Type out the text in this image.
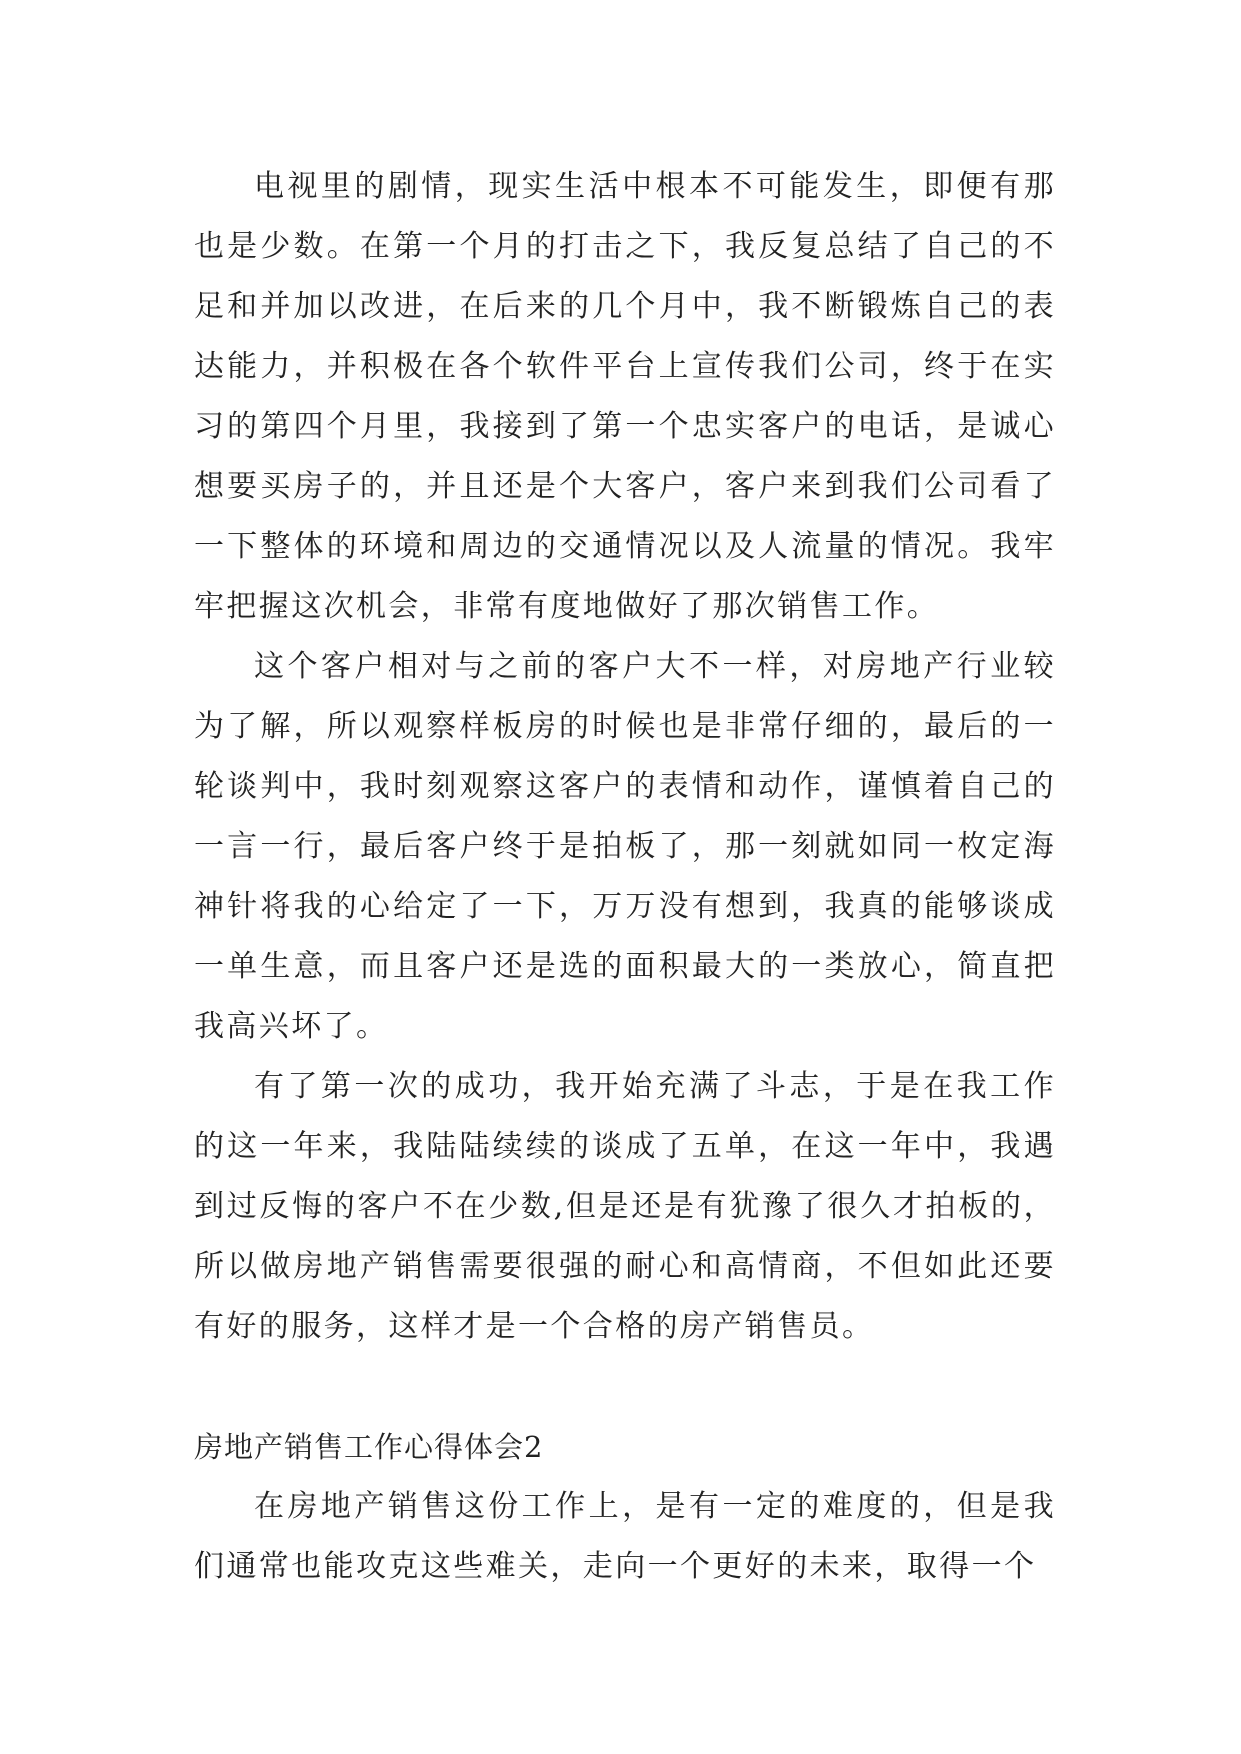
电视里的剧情，现实生活中根本不可能发生，即便有那也是少数。在第一个月的打击之下，我反复总结了自己的不足和并加以改进，在后来的几个月中，我不断锻炼自己的表达能力，并积极在各个软件平台上宣传我们公司，终于在实习的第四个月里，我接到了第一个忠实客户的电话，是诚心想要买房子的，并且还是个大客户，客户来到我们公司看了一下整体的环境和周边的交通情况以及人流量的情况。我牢牢把握这次机会，非常有度地做好了那次销售工作。

这个客户相对与之前的客户大不一样，对房地产行业较为了解，所以观察样板房的时候也是非常仔细的，最后的一轮谈判中，我时刻观察这客户的表情和动作，谨慎着自己的一言一行，最后客户终于是拍板了，那一刻就如同一枚定海神针将我的心给定了一下，万万没有想到，我真的能够谈成一单生意，而且客户还是选的面积最大的一类放心，简直把我高兴坏了。

有了第一次的成功，我开始充满了斗志，于是在我工作的这一年来，我陆陆续续的谈成了五单，在这一年中，我遇到过反悔的客户不在少数,但是还是有犹豫了很久才拍板的，所以做房地产销售需要很强的耐心和高情商，不但如此还要有好的服务，这样才是一个合格的房产销售员。

房地产销售工作心得体会2

在房地产销售这份工作上，是有一定的难度的，但是我们通常也能攻克这些难关，走向一个更好的未来，取得一个
